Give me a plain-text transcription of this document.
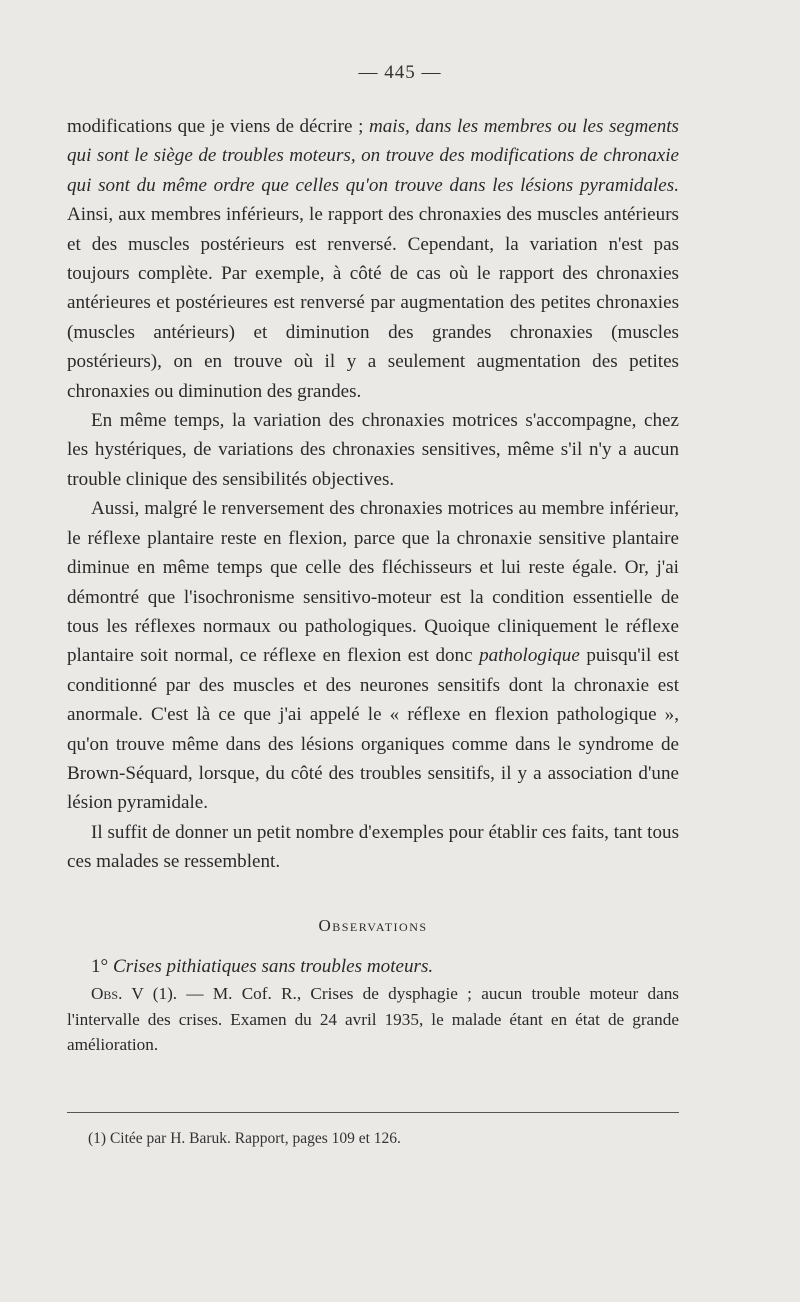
— 445 —

modifications que je viens de décrire ; mais, dans les membres ou les segments qui sont le siège de troubles moteurs, on trouve des modifications de chronaxie qui sont du même ordre que celles qu'on trouve dans les lésions pyramidales. Ainsi, aux membres inférieurs, le rapport des chronaxies des muscles antérieurs et des muscles postérieurs est renversé. Cependant, la variation n'est pas toujours complète. Par exemple, à côté de cas où le rapport des chronaxies antérieures et postérieures est renversé par augmentation des petites chronaxies (muscles antérieurs) et diminution des grandes chronaxies (muscles postérieurs), on en trouve où il y a seulement augmentation des petites chronaxies ou diminution des grandes.

En même temps, la variation des chronaxies motrices s'accompagne, chez les hystériques, de variations des chronaxies sensitives, même s'il n'y a aucun trouble clinique des sensibilités objectives.

Aussi, malgré le renversement des chronaxies motrices au membre inférieur, le réflexe plantaire reste en flexion, parce que la chronaxie sensitive plantaire diminue en même temps que celle des fléchisseurs et lui reste égale. Or, j'ai démontré que l'isochronisme sensitivo-moteur est la condition essentielle de tous les réflexes normaux ou pathologiques. Quoique cliniquement le réflexe plantaire soit normal, ce réflexe en flexion est donc pathologique puisqu'il est conditionné par des muscles et des neurones sensitifs dont la chronaxie est anormale. C'est là ce que j'ai appelé le « réflexe en flexion pathologique », qu'on trouve même dans des lésions organiques comme dans le syndrome de Brown-Séquard, lorsque, du côté des troubles sensitifs, il y a association d'une lésion pyramidale.

Il suffit de donner un petit nombre d'exemples pour établir ces faits, tant tous ces malades se ressemblent.

Observations

1° Crises pithiatiques sans troubles moteurs.

Obs. V (1). — M. Cof. R., Crises de dysphagie ; aucun trouble moteur dans l'intervalle des crises. Examen du 24 avril 1935, le malade étant en état de grande amélioration.

(1) Citée par H. Baruk. Rapport, pages 109 et 126.
